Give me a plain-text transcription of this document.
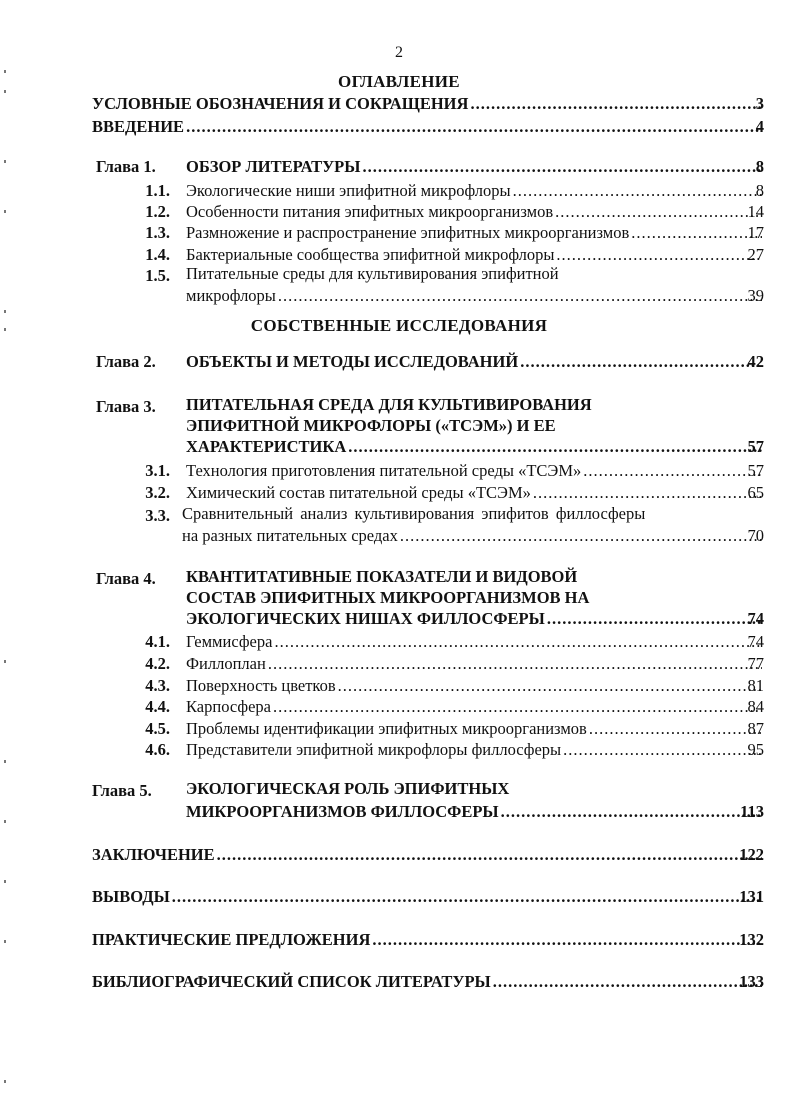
2
ОГЛАВЛЕНИЕ
УСЛОВНЫЕ ОБОЗНАЧЕНИЯ И СОКРАЩЕНИЯ .....	3
ВВЕДЕНИЕ .....	4
Глава 1. ОБЗОР ЛИТЕРАТУРЫ .....	8
1.1. Экологические ниши эпифитной микрофлоры .....	8
1.2. Особенности питания эпифитных микроорганизмов .....	14
1.3. Размножение и распространение эпифитных микроорганизмов .....	17
1.4. Бактериальные сообщества эпифитной микрофлоры .....	27
1.5. Питательные среды для культивирования эпифитной
микрофлоры .....	39
СОБСТВЕННЫЕ ИССЛЕДОВАНИЯ
Глава 2. ОБЪЕКТЫ И МЕТОДЫ ИССЛЕДОВАНИЙ .....	42
Глава 3. ПИТАТЕЛЬНАЯ СРЕДА ДЛЯ КУЛЬТИВИРОВАНИЯ
ЭПИФИТНОЙ МИКРОФЛОРЫ («ТСЭМ») И ЕЕ
ХАРАКТЕРИСТИКА .....	57
3.1. Технология приготовления питательной среды «ТСЭМ» .....	57
3.2. Химический состав питательной среды «ТСЭМ» .....	65
3.3. Сравнительный анализ культивирования эпифитов филлосферы
на разных питательных средах .....	70
Глава 4. КВАНТИТАТИВНЫЕ ПОКАЗАТЕЛИ И ВИДОВОЙ
СОСТАВ ЭПИФИТНЫХ МИКРООРГАНИЗМОВ НА
ЭКОЛОГИЧЕСКИХ НИШАХ ФИЛЛОСФЕРЫ .....	74
4.1. Геммисфера .....	74
4.2. Филлоплан .....	77
4.3. Поверхность цветков .....	81
4.4. Карпосфера .....	84
4.5. Проблемы идентификации эпифитных микроорганизмов .....	87
4.6. Представители эпифитной микрофлоры филлосферы .....	95
Глава 5. ЭКОЛОГИЧЕСКАЯ РОЛЬ ЭПИФИТНЫХ
МИКРООРГАНИЗМОВ ФИЛЛОСФЕРЫ .....	113
ЗАКЛЮЧЕНИЕ .....	122
ВЫВОДЫ .....	131
ПРАКТИЧЕСКИЕ ПРЕДЛОЖЕНИЯ .....	132
БИБЛИОГРАФИЧЕСКИЙ СПИСОК ЛИТЕРАТУРЫ .....	133
